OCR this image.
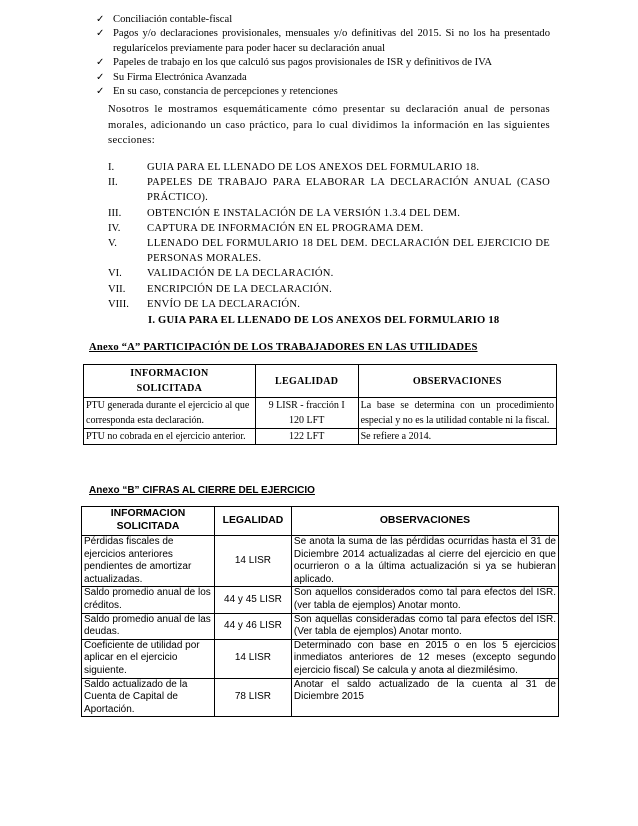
✓ Conciliación contable-fiscal
✓ Pagos y/o declaraciones provisionales, mensuales y/o definitivas del 2015. Si no los ha presentado regularícelos previamente para poder hacer su declaración anual
✓ Papeles de trabajo en los que calculó sus pagos provisionales de ISR y definitivos de IVA
✓ Su Firma Electrónica Avanzada
✓ En su caso, constancia de percepciones y retenciones
Nosotros le mostramos esquemáticamente cómo presentar su declaración anual de personas morales, adicionando un caso práctico, para lo cual dividimos la información en las siguientes secciones:
I.	GUIA PARA EL LLENADO DE LOS ANEXOS DEL FORMULARIO 18.
II.	PAPELES DE TRABAJO PARA ELABORAR LA DECLARACIÓN ANUAL (CASO PRÁCTICO).
III.	OBTENCIÓN E INSTALACIÓN DE LA VERSIÓN 1.3.4 DEL DEM.
IV.	CAPTURA DE INFORMACIÓN EN EL PROGRAMA DEM.
V.	LLENADO DEL FORMULARIO 18 DEL DEM. DECLARACIÓN DEL EJERCICIO DE PERSONAS MORALES.
VI.	VALIDACIÓN DE LA DECLARACIÓN.
VII.	ENCRIPCIÓN DE LA DECLARACIÓN.
VIII.	ENVÍO DE LA DECLARACIÓN.
I. GUIA PARA EL LLENADO DE LOS ANEXOS DEL FORMULARIO 18
Anexo “A” PARTICIPACIÓN DE LOS TRABAJADORES EN LAS UTILIDADES
INFORMACION SOLICITADA	LEGALIDAD	OBSERVACIONES
PTU generada durante el ejercicio al que corresponda esta declaración.	9 LISR - fracción I 120 LFT	La base se determina con un procedimiento especial y no es la utilidad contable ni la fiscal.
PTU no cobrada en el ejercicio anterior.	122 LFT	Se refiere a 2014.
Anexo “B” CIFRAS AL CIERRE DEL EJERCICIO
INFORMACION SOLICITADA	LEGALIDAD	OBSERVACIONES
Pérdidas fiscales de ejercicios anteriores pendientes de amortizar actualizadas.	14 LISR	Se anota la suma de las pérdidas ocurridas hasta el 31 de Diciembre 2014 actualizadas al cierre del ejercicio en que ocurrieron o a la última actualización si ya se hubieran aplicado.
Saldo promedio anual de los créditos.	44 y 45 LISR	Son aquellos considerados como tal para efectos del ISR. (ver tabla de ejemplos) Anotar monto.
Saldo promedio anual de las deudas.	44 y 46 LISR	Son aquellas consideradas como tal para efectos del ISR. (Ver tabla de ejemplos) Anotar monto.
Coeficiente de utilidad por aplicar en el ejercicio siguiente.	14 LISR	Determinado con base en 2015 o en los 5 ejercicios inmediatos anteriores de 12 meses (excepto segundo ejercicio fiscal) Se calcula y anota al diezmilésimo.
Saldo actualizado de la Cuenta de Capital de Aportación.	78 LISR	Anotar el saldo actualizado de la cuenta al 31 de Diciembre 2015
